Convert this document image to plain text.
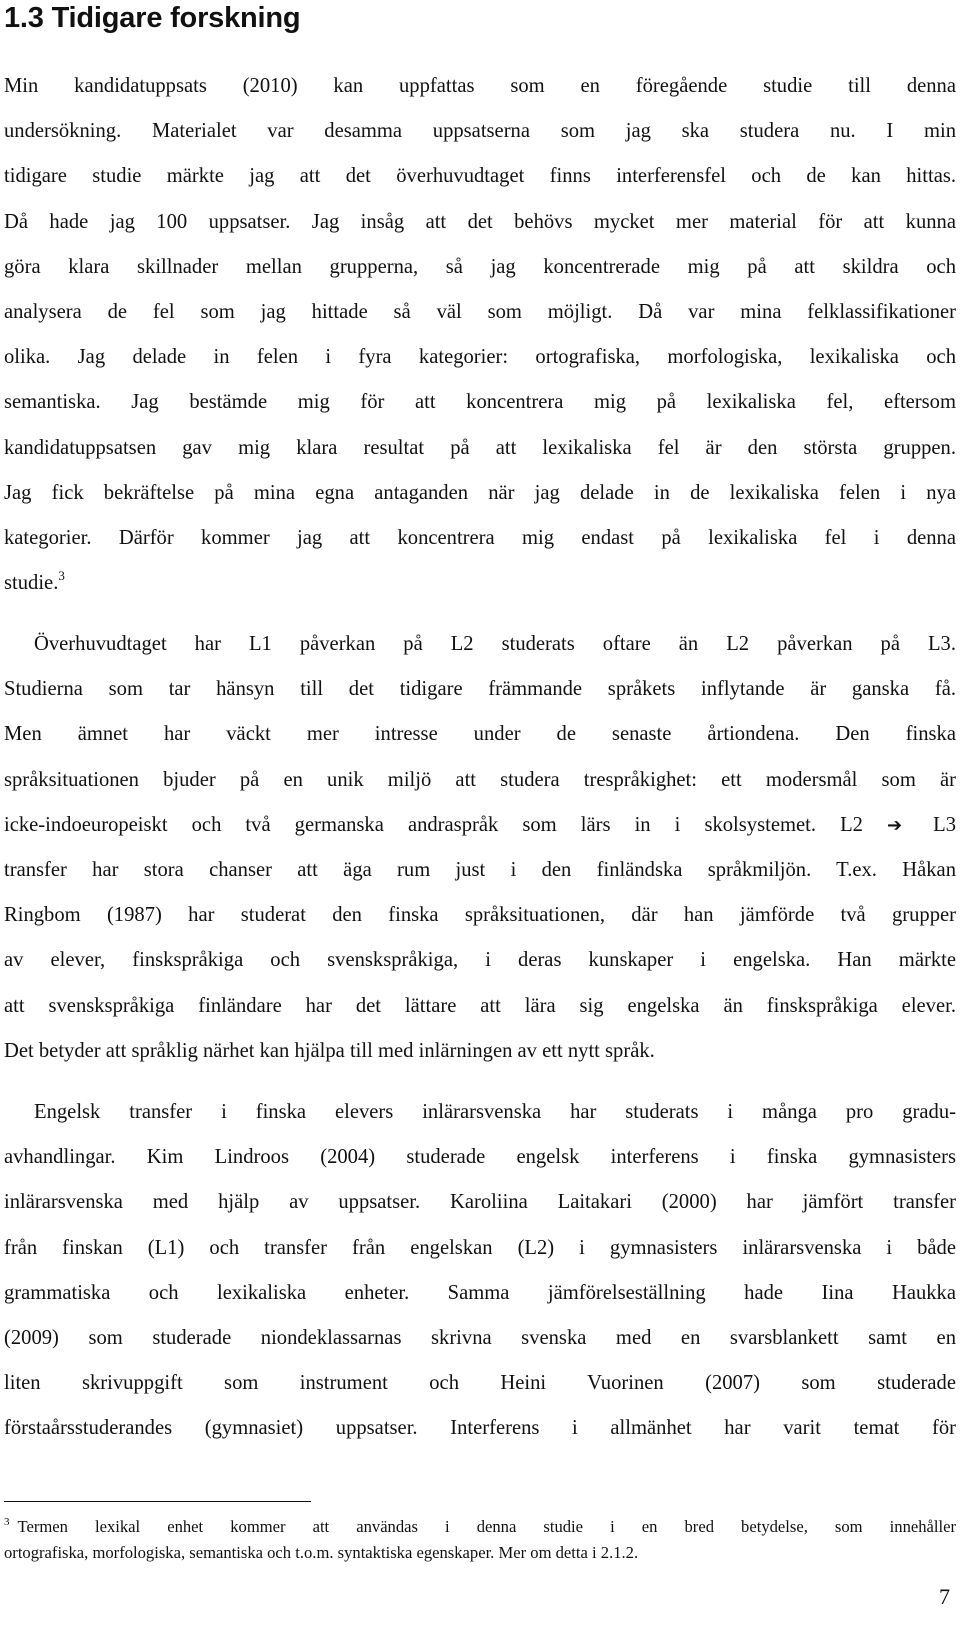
1.3 Tidigare forskning
Min kandidatuppsats (2010) kan uppfattas som en föregående studie till denna
undersökning. Materialet var desamma uppsatserna som jag ska studera nu. I min
tidigare studie märkte jag att det överhuvudtaget finns interferensfel och de kan hittas.
Då hade jag 100 uppsatser. Jag insåg att det behövs mycket mer material för att kunna
göra klara skillnader mellan grupperna, så jag koncentrerade mig på att skildra och
analysera de fel som jag hittade så väl som möjligt. Då var mina felklassifikationer
olika. Jag delade in felen i fyra kategorier: ortografiska, morfologiska, lexikaliska och
semantiska. Jag bestämde mig för att koncentrera mig på lexikaliska fel, eftersom
kandidatuppsatsen gav mig klara resultat på att lexikaliska fel är den största gruppen.
Jag fick bekräftelse på mina egna antaganden när jag delade in de lexikaliska felen i nya
kategorier. Därför kommer jag att koncentrera mig endast på lexikaliska fel i denna
studie.$^3$
Överhuvudtaget har L1 påverkan på L2 studerats oftare än L2 påverkan på L3.
Studierna som tar hänsyn till det tidigare främmande språkets inflytande är ganska få.
Men ämnet har väckt mer intresse under de senaste årtiondena. Den finska
språksituationen bjuder på en unik miljö att studera trespråkighet: ett modersmål som är
icke-indoeuropeiskt och två germanska andraspråk som lärs in i skolsystemet. L2 ➔ L3
transfer har stora chanser att äga rum just i den finländska språkmiljön. T.ex. Håkan
Ringbom (1987) har studerat den finska språksituationen, där han jämförde två grupper
av elever, finskspråkiga och svenskspråkiga, i deras kunskaper i engelska. Han märkte
att svenskspråkiga finländare har det lättare att lära sig engelska än finskspråkiga elever.
Det betyder att språklig närhet kan hjälpa till med inlärningen av ett nytt språk.
Engelsk transfer i finska elevers inlärarsvenska har studerats i många pro gradu-
avhandlingar. Kim Lindroos (2004) studerade engelsk interferens i finska gymnasisters
inlärarsvenska med hjälp av uppsatser. Karoliina Laitakari (2000) har jämfört transfer
från finskan (L1) och transfer från engelskan (L2) i gymnasisters inlärarsvenska i både
grammatiska och lexikaliska enheter. Samma jämförelseställning hade Iina Haukka
(2009) som studerade niondeklassarnas skrivna svenska med en svarsblankett samt en
liten skrivuppgift som instrument och Heini Vuorinen (2007) som studerade
förstaårsstuderandes (gymnasiet) uppsatser. Interferens i allmänhet har varit temat för
$^3$ Termen lexikal enhet kommer att användas i denna studie i en bred betydelse, som innehåller
ortografiska, morfologiska, semantiska och t.o.m. syntaktiska egenskaper. Mer om detta i 2.1.2.
7
